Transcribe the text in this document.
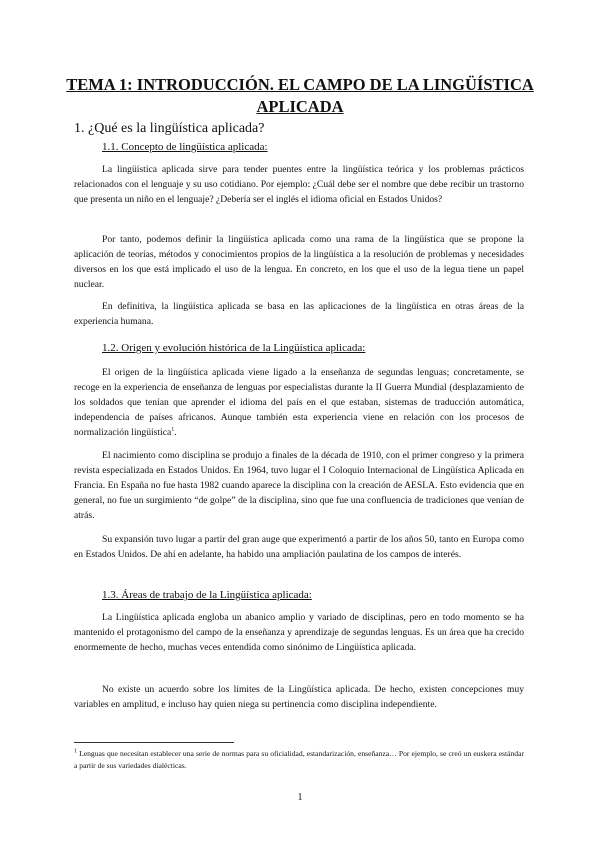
TEMA 1: INTRODUCCIÓN. EL CAMPO DE LA LINGÜÍSTICA APLICADA
1. ¿Qué es la lingüística aplicada?
1.1. Concepto de lingüística aplicada:

La lingüística aplicada sirve para tender puentes entre la lingüística teórica y los problemas prácticos relacionados con el lenguaje y su uso cotidiano. Por ejemplo: ¿Cuál debe ser el nombre que debe recibir un trastorno que presenta un niño en el lenguaje? ¿Debería ser el inglés el idioma oficial en Estados Unidos?

Por tanto, podemos definir la lingüística aplicada como una rama de la lingüística que se propone la aplicación de teorías, métodos y conocimientos propios de la lingüística a la resolución de problemas y necesidades diversos en los que está implicado el uso de la lengua. En concreto, en los que el uso de la legua tiene un papel nuclear.

En definitiva, la lingüística aplicada se basa en las aplicaciones de la lingüística en otras áreas de la experiencia humana.

1.2. Origen y evolución histórica de la Lingüística aplicada:

El origen de la lingüística aplicada viene ligado a la enseñanza de segundas lenguas; concretamente, se recoge en la experiencia de enseñanza de lenguas por especialistas durante la II Guerra Mundial (desplazamiento de los soldados que tenían que aprender el idioma del país en el que estaban, sistemas de traducción automática, independencia de países africanos. Aunque también esta experiencia viene en relación con los procesos de normalización lingüística$^1$.

El nacimiento como disciplina se produjo a finales de la década de 1910, con el primer congreso y la primera revista especializada en Estados Unidos. En 1964, tuvo lugar el I Coloquio Internacional de Lingüística Aplicada en Francia. En España no fue hasta 1982 cuando aparece la disciplina con la creación de AESLA. Esto evidencia que en general, no fue un surgimiento “de golpe” de la disciplina, sino que fue una confluencia de tradiciones que venían de atrás.

Su expansión tuvo lugar a partir del gran auge que experimentó a partir de los años 50, tanto en Europa como en Estados Unidos. De ahí en adelante, ha habido una ampliación paulatina de los campos de interés.

1.3. Áreas de trabajo de la Lingüística aplicada:

La Lingüística aplicada engloba un abanico amplio y variado de disciplinas, pero en todo momento se ha mantenido el protagonismo del campo de la enseñanza y aprendizaje de segundas lenguas. Es un área que ha crecido enormemente de hecho, muchas veces entendida como sinónimo de Lingüística aplicada.

No existe un acuerdo sobre los límites de la Lingüística aplicada. De hecho, existen concepciones muy variables en amplitud, e incluso hay quien niega su pertinencia como disciplina independiente.

$^1$ Lenguas que necesitan establecer una serie de normas para su oficialidad, estandarización, enseñanza… Por ejemplo, se creó un euskera estándar a partir de sus variedades dialécticas.

1
